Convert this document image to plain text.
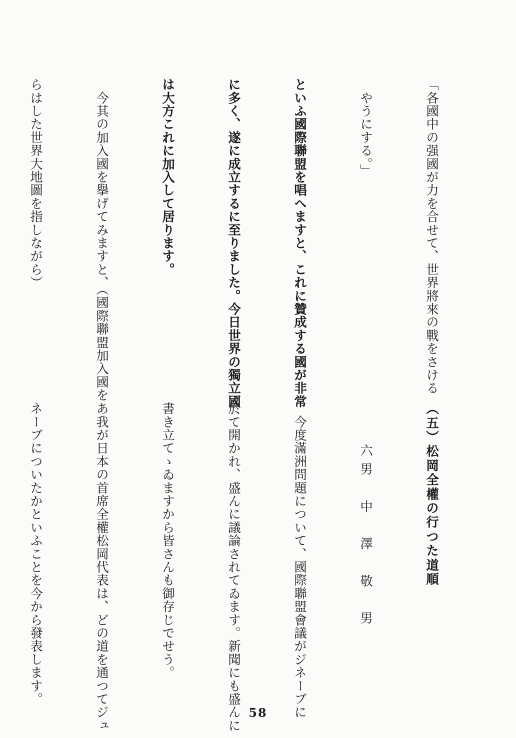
「各國中の强國が力を合せて、世界將來の戰をさける

　やうにする。」

といふ國際聯盟を唱へますと、これに贊成する國が非常

に多く、遂に成立するに至りました。今日世界の獨立國

は大方これに加入して居ります。

　今其の加入國を擧げてみますと、（國際聯盟加入國をあ

らはした世界大地圖を指しながら）

（五）松岡全權の行つた道順

六男　中　澤　敬　男

　今度滿洲問題について、國際聯盟會議がジネーブに

於て開かれ、盛んに議論されてゐます。新聞にも盛んに

書き立てゝゐますから皆さんも御存じでせう。

　我が日本の首席全權松岡代表は、どの道を通つてジュ

ネーブについたかといふことを今から發表します。

58
